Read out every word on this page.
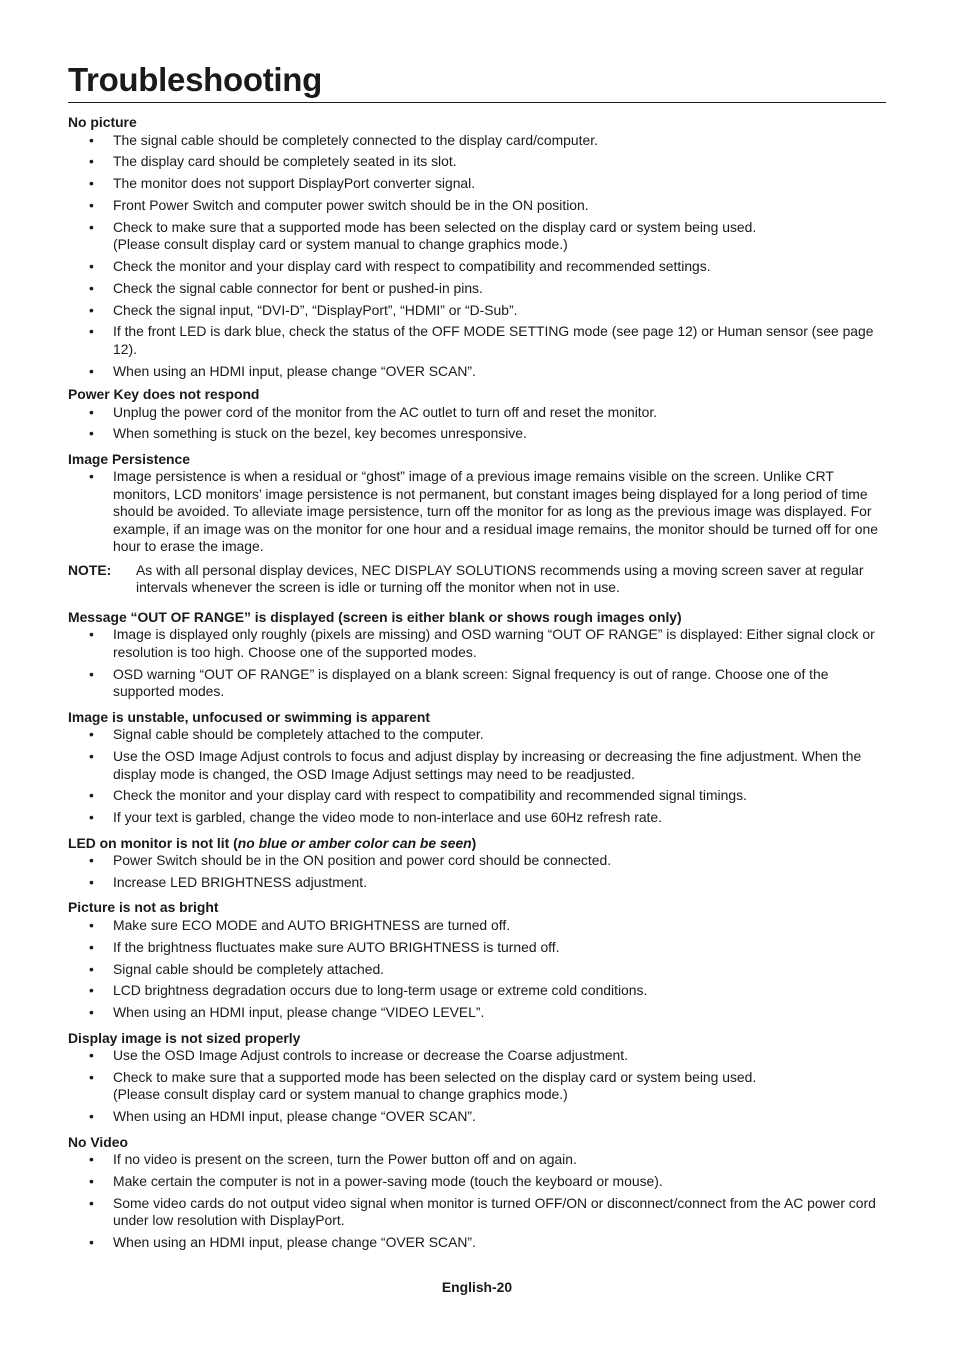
Troubleshooting

No picture

• The signal cable should be completely connected to the display card/computer.
• The display card should be completely seated in its slot.
• The monitor does not support DisplayPort converter signal.
• Front Power Switch and computer power switch should be in the ON position.
• Check to make sure that a supported mode has been selected on the display card or system being used.
(Please consult display card or system manual to change graphics mode.)
• Check the monitor and your display card with respect to compatibility and recommended settings.
• Check the signal cable connector for bent or pushed-in pins.
• Check the signal input, “DVI-D”, “DisplayPort”, “HDMI” or “D-Sub”.
• If the front LED is dark blue, check the status of the OFF MODE SETTING mode (see page 12) or Human sensor (see page 12).
• When using an HDMI input, please change “OVER SCAN”.

Power Key does not respond

• Unplug the power cord of the monitor from the AC outlet to turn off and reset the monitor.
• When something is stuck on the bezel, key becomes unresponsive.

Image Persistence

• Image persistence is when a residual or “ghost” image of a previous image remains visible on the screen. Unlike CRT monitors, LCD monitors’ image persistence is not permanent, but constant images being displayed for a long period of time should be avoided. To alleviate image persistence, turn off the monitor for as long as the previous image was displayed. For example, if an image was on the monitor for one hour and a residual image remains, the monitor should be turned off for one hour to erase the image.
NOTE:	As with all personal display devices, NEC DISPLAY SOLUTIONS recommends using a moving screen saver at regular intervals whenever the screen is idle or turning off the monitor when not in use.

Message “OUT OF RANGE” is displayed (screen is either blank or shows rough images only)

• Image is displayed only roughly (pixels are missing) and OSD warning “OUT OF RANGE” is displayed: Either signal clock or resolution is too high. Choose one of the supported modes.
• OSD warning “OUT OF RANGE” is displayed on a blank screen: Signal frequency is out of range. Choose one of the supported modes.

Image is unstable, unfocused or swimming is apparent

• Signal cable should be completely attached to the computer.
• Use the OSD Image Adjust controls to focus and adjust display by increasing or decreasing the fine adjustment. When the display mode is changed, the OSD Image Adjust settings may need to be readjusted.
• Check the monitor and your display card with respect to compatibility and recommended signal timings.
• If your text is garbled, change the video mode to non-interlace and use 60Hz refresh rate.

LED on monitor is not lit (no blue or amber color can be seen)

• Power Switch should be in the ON position and power cord should be connected.
• Increase LED BRIGHTNESS adjustment.

Picture is not as bright

• Make sure ECO MODE and AUTO BRIGHTNESS are turned off.
• If the brightness fluctuates make sure AUTO BRIGHTNESS is turned off.
• Signal cable should be completely attached.
• LCD brightness degradation occurs due to long-term usage or extreme cold conditions.
• When using an HDMI input, please change “VIDEO LEVEL”.

Display image is not sized properly

• Use the OSD Image Adjust controls to increase or decrease the Coarse adjustment.
• Check to make sure that a supported mode has been selected on the display card or system being used.
(Please consult display card or system manual to change graphics mode.)
• When using an HDMI input, please change “OVER SCAN”.

No Video

• If no video is present on the screen, turn the Power button off and on again.
• Make certain the computer is not in a power-saving mode (touch the keyboard or mouse).
• Some video cards do not output video signal when monitor is turned OFF/ON or disconnect/connect from the AC power cord under low resolution with DisplayPort.
• When using an HDMI input, please change “OVER SCAN”.
English-20
